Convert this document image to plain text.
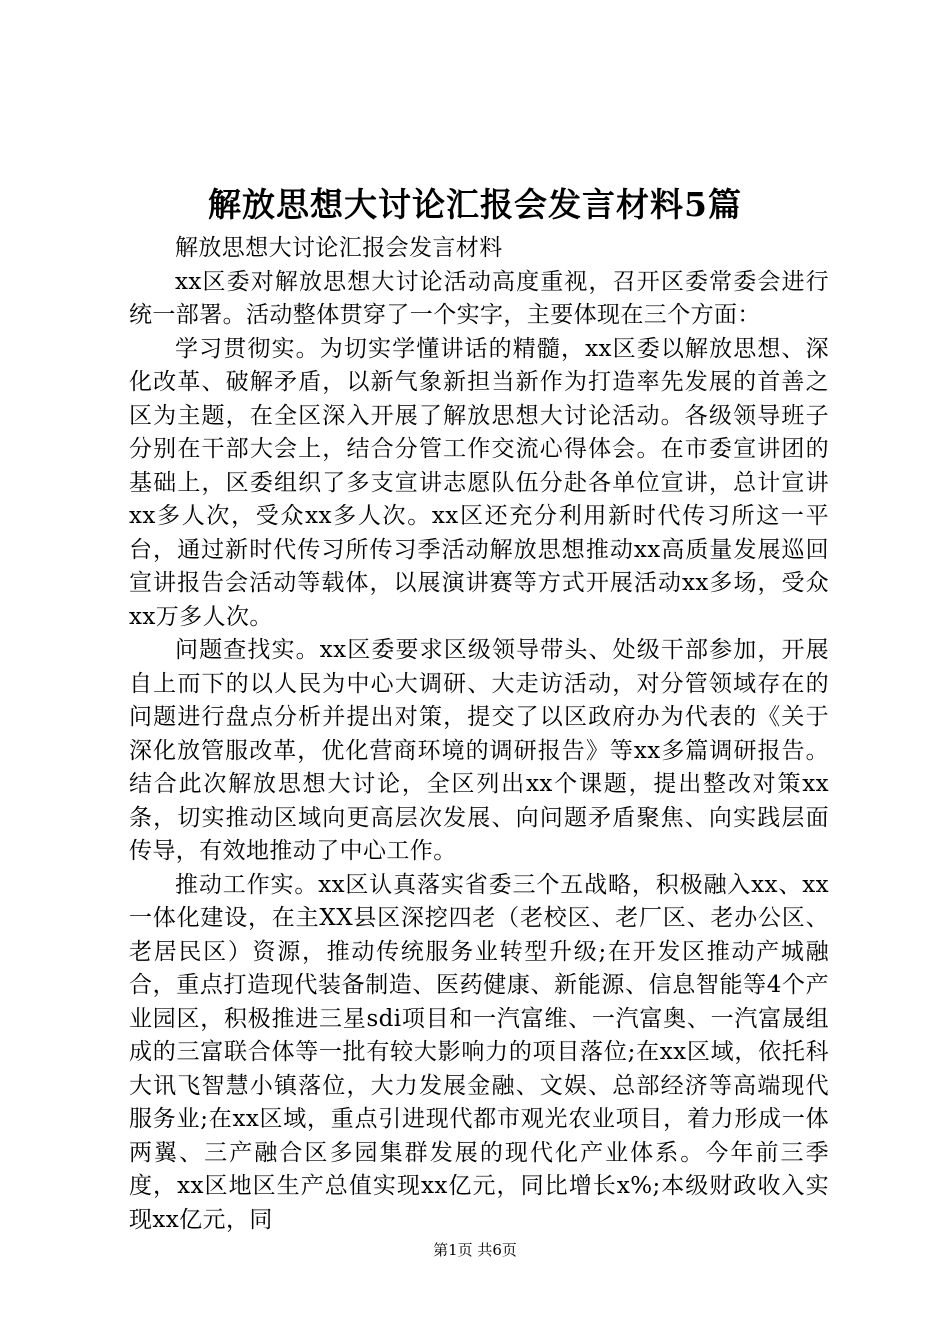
解放思想大讨论汇报会发言材料5篇

解放思想大讨论汇报会发言材料

xx区委对解放思想大讨论活动高度重视，召开区委常委会进行统一部署。活动整体贯穿了一个实字，主要体现在三个方面：

学习贯彻实。为切实学懂讲话的精髓，xx区委以解放思想、深化改革、破解矛盾，以新气象新担当新作为打造率先发展的首善之区为主题，在全区深入开展了解放思想大讨论活动。各级领导班子分别在干部大会上，结合分管工作交流心得体会。在市委宣讲团的基础上，区委组织了多支宣讲志愿队伍分赴各单位宣讲，总计宣讲xx多人次，受众xx多人次。xx区还充分利用新时代传习所这一平台，通过新时代传习所传习季活动解放思想推动xx高质量发展巡回宣讲报告会活动等载体，以展演讲赛等方式开展活动xx多场，受众xx万多人次。

问题查找实。xx区委要求区级领导带头、处级干部参加，开展自上而下的以人民为中心大调研、大走访活动，对分管领域存在的问题进行盘点分析并提出对策，提交了以区政府办为代表的《关于深化放管服改革，优化营商环境的调研报告》等xx多篇调研报告。结合此次解放思想大讨论，全区列出xx个课题，提出整改对策xx条，切实推动区域向更高层次发展、向问题矛盾聚焦、向实践层面传导，有效地推动了中心工作。

推动工作实。xx区认真落实省委三个五战略，积极融入xx、xx一体化建设，在主XX县区深挖四老（老校区、老厂区、老办公区、老居民区）资源，推动传统服务业转型升级;在开发区推动产城融合，重点打造现代装备制造、医药健康、新能源、信息智能等4个产业园区，积极推进三星sdi项目和一汽富维、一汽富奥、一汽富晟组成的三富联合体等一批有较大影响力的项目落位;在xx区域，依托科大讯飞智慧小镇落位，大力发展金融、文娱、总部经济等高端现代服务业;在xx区域，重点引进现代都市观光农业项目，着力形成一体两翼、三产融合区多园集群发展的现代化产业体系。今年前三季度，xx区地区生产总值实现xx亿元，同比增长x%;本级财政收入实现xx亿元，同

第1页 共6页
